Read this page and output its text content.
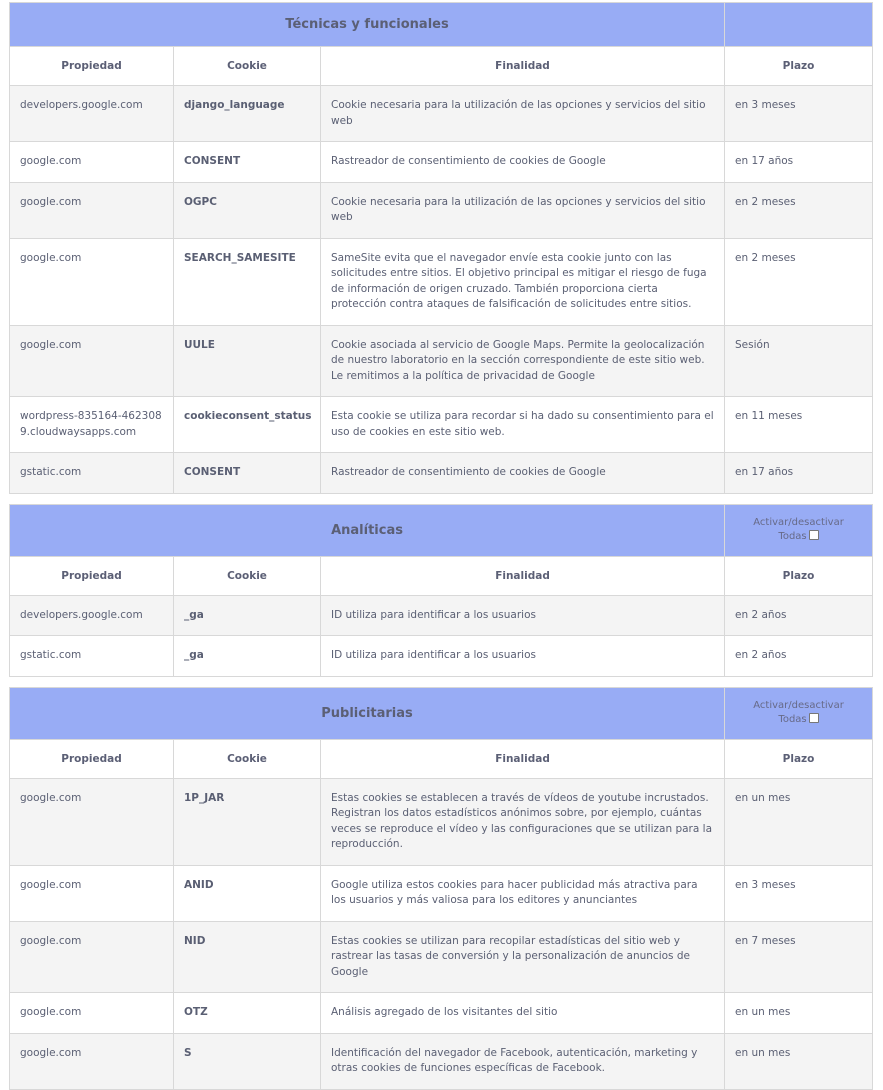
Técnicas y funcionales			
Propiedad	Cookie	Finalidad	Plazo
developers.google.com	django_language	Cookie necesaria para la utilización de las opciones y servicios del sitio web	en 3 meses
google.com	CONSENT	Rastreador de consentimiento de cookies de Google	en 17 años
google.com	OGPC	Cookie necesaria para la utilización de las opciones y servicios del sitio web	en 2 meses
google.com	SEARCH_SAMESITE	SameSite evita que el navegador envíe esta cookie junto con las solicitudes entre sitios. El objetivo principal es mitigar el riesgo de fuga de información de origen cruzado. También proporciona cierta protección contra ataques de falsificación de solicitudes entre sitios.	en 2 meses
google.com	UULE	Cookie asociada al servicio de Google Maps. Permite la geolocalización de nuestro laboratorio en la sección correspondiente de este sitio web. Le remitimos a la política de privacidad de Google	Sesión
wordpress-835164-4623089.cloudwaysapps.com	cookieconsent_status	Esta cookie se utiliza para recordar si ha dado su consentimiento para el uso de cookies en este sitio web.	en 11 meses
gstatic.com	CONSENT	Rastreador de consentimiento de cookies de Google	en 17 años
Analíticas			Activar/desactivar
Todas
Propiedad	Cookie	Finalidad	Plazo
developers.google.com	_ga	ID utiliza para identificar a los usuarios	en 2 años
gstatic.com	_ga	ID utiliza para identificar a los usuarios	en 2 años
Publicitarias			Activar/desactivar
Todas
Propiedad	Cookie	Finalidad	Plazo
google.com	1P_JAR	Estas cookies se establecen a través de vídeos de youtube incrustados. Registran los datos estadísticos anónimos sobre, por ejemplo, cuántas veces se reproduce el vídeo y las configuraciones que se utilizan para la reproducción.	en un mes
google.com	ANID	Google utiliza estos cookies para hacer publicidad más atractiva para los usuarios y más valiosa para los editores y anunciantes	en 3 meses
google.com	NID	Estas cookies se utilizan para recopilar estadísticas del sitio web y rastrear las tasas de conversión y la personalización de anuncios de Google	en 7 meses
google.com	OTZ	Análisis agregado de los visitantes del sitio	en un mes
google.com	S	Identificación del navegador de Facebook, autenticación, marketing y otras cookies de funciones específicas de Facebook.	en un mes
